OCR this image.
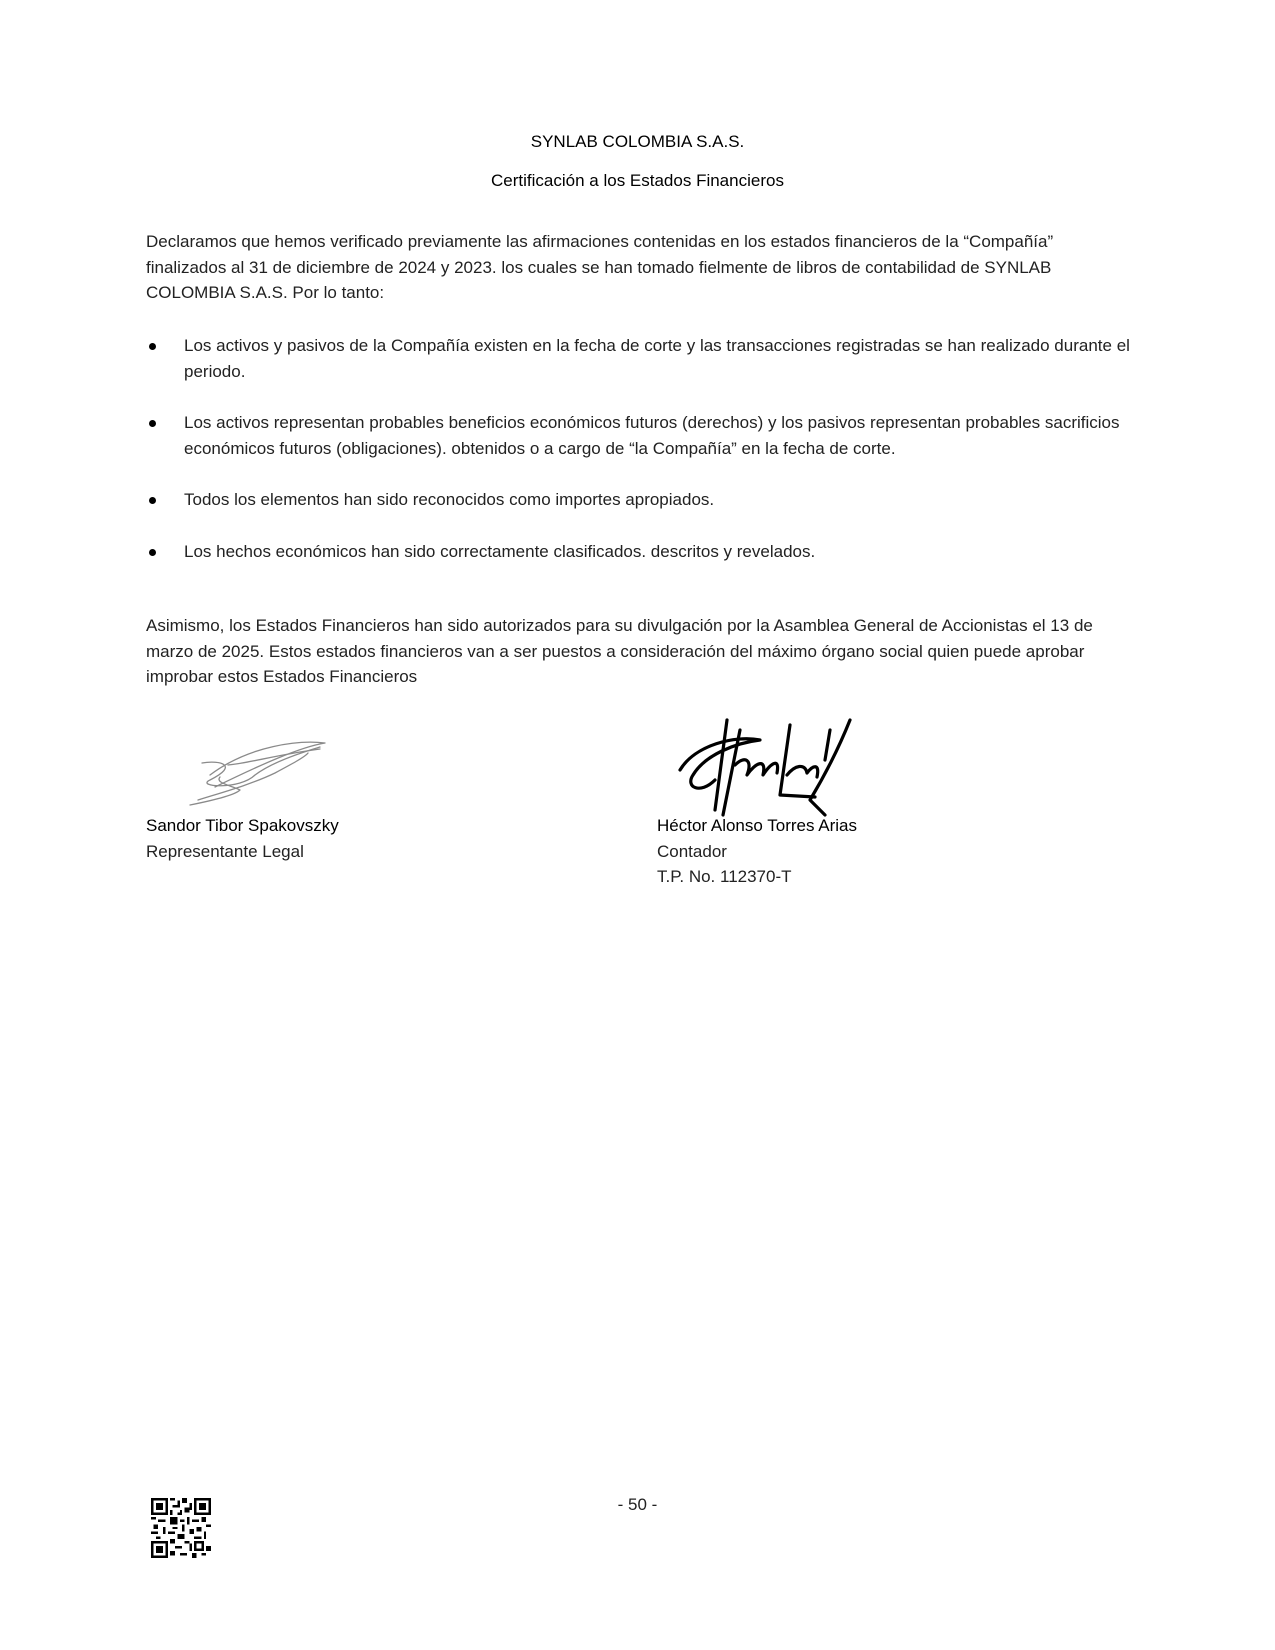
SYNLAB COLOMBIA S.A.S.
Certificación a los Estados Financieros

Declaramos que hemos verificado previamente las afirmaciones contenidas en los estados financieros de la “Compañía” finalizados al 31 de diciembre de 2024 y 2023. los cuales se han tomado fielmente de libros de contabilidad de SYNLAB COLOMBIA S.A.S. Por lo tanto:

Los activos y pasivos de la Compañía existen en la fecha de corte y las transacciones registradas se han realizado durante el periodo.
Los activos representan probables beneficios económicos futuros (derechos) y los pasivos representan probables sacrificios económicos futuros (obligaciones). obtenidos o a cargo de “la Compañía” en la fecha de corte.
Todos los elementos han sido reconocidos como importes apropiados.
Los hechos económicos han sido correctamente clasificados. descritos y revelados.

Asimismo, los Estados Financieros han sido autorizados para su divulgación por la Asamblea General de Accionistas el 13 de marzo de 2025. Estos estados financieros van a ser puestos a consideración del máximo órgano social quien puede aprobar improbar estos Estados Financieros

Sandor Tibor Spakovszky
Representante Legal
Héctor Alonso Torres Arias
Contador
T.P. No. 112370-T
- 50 -
